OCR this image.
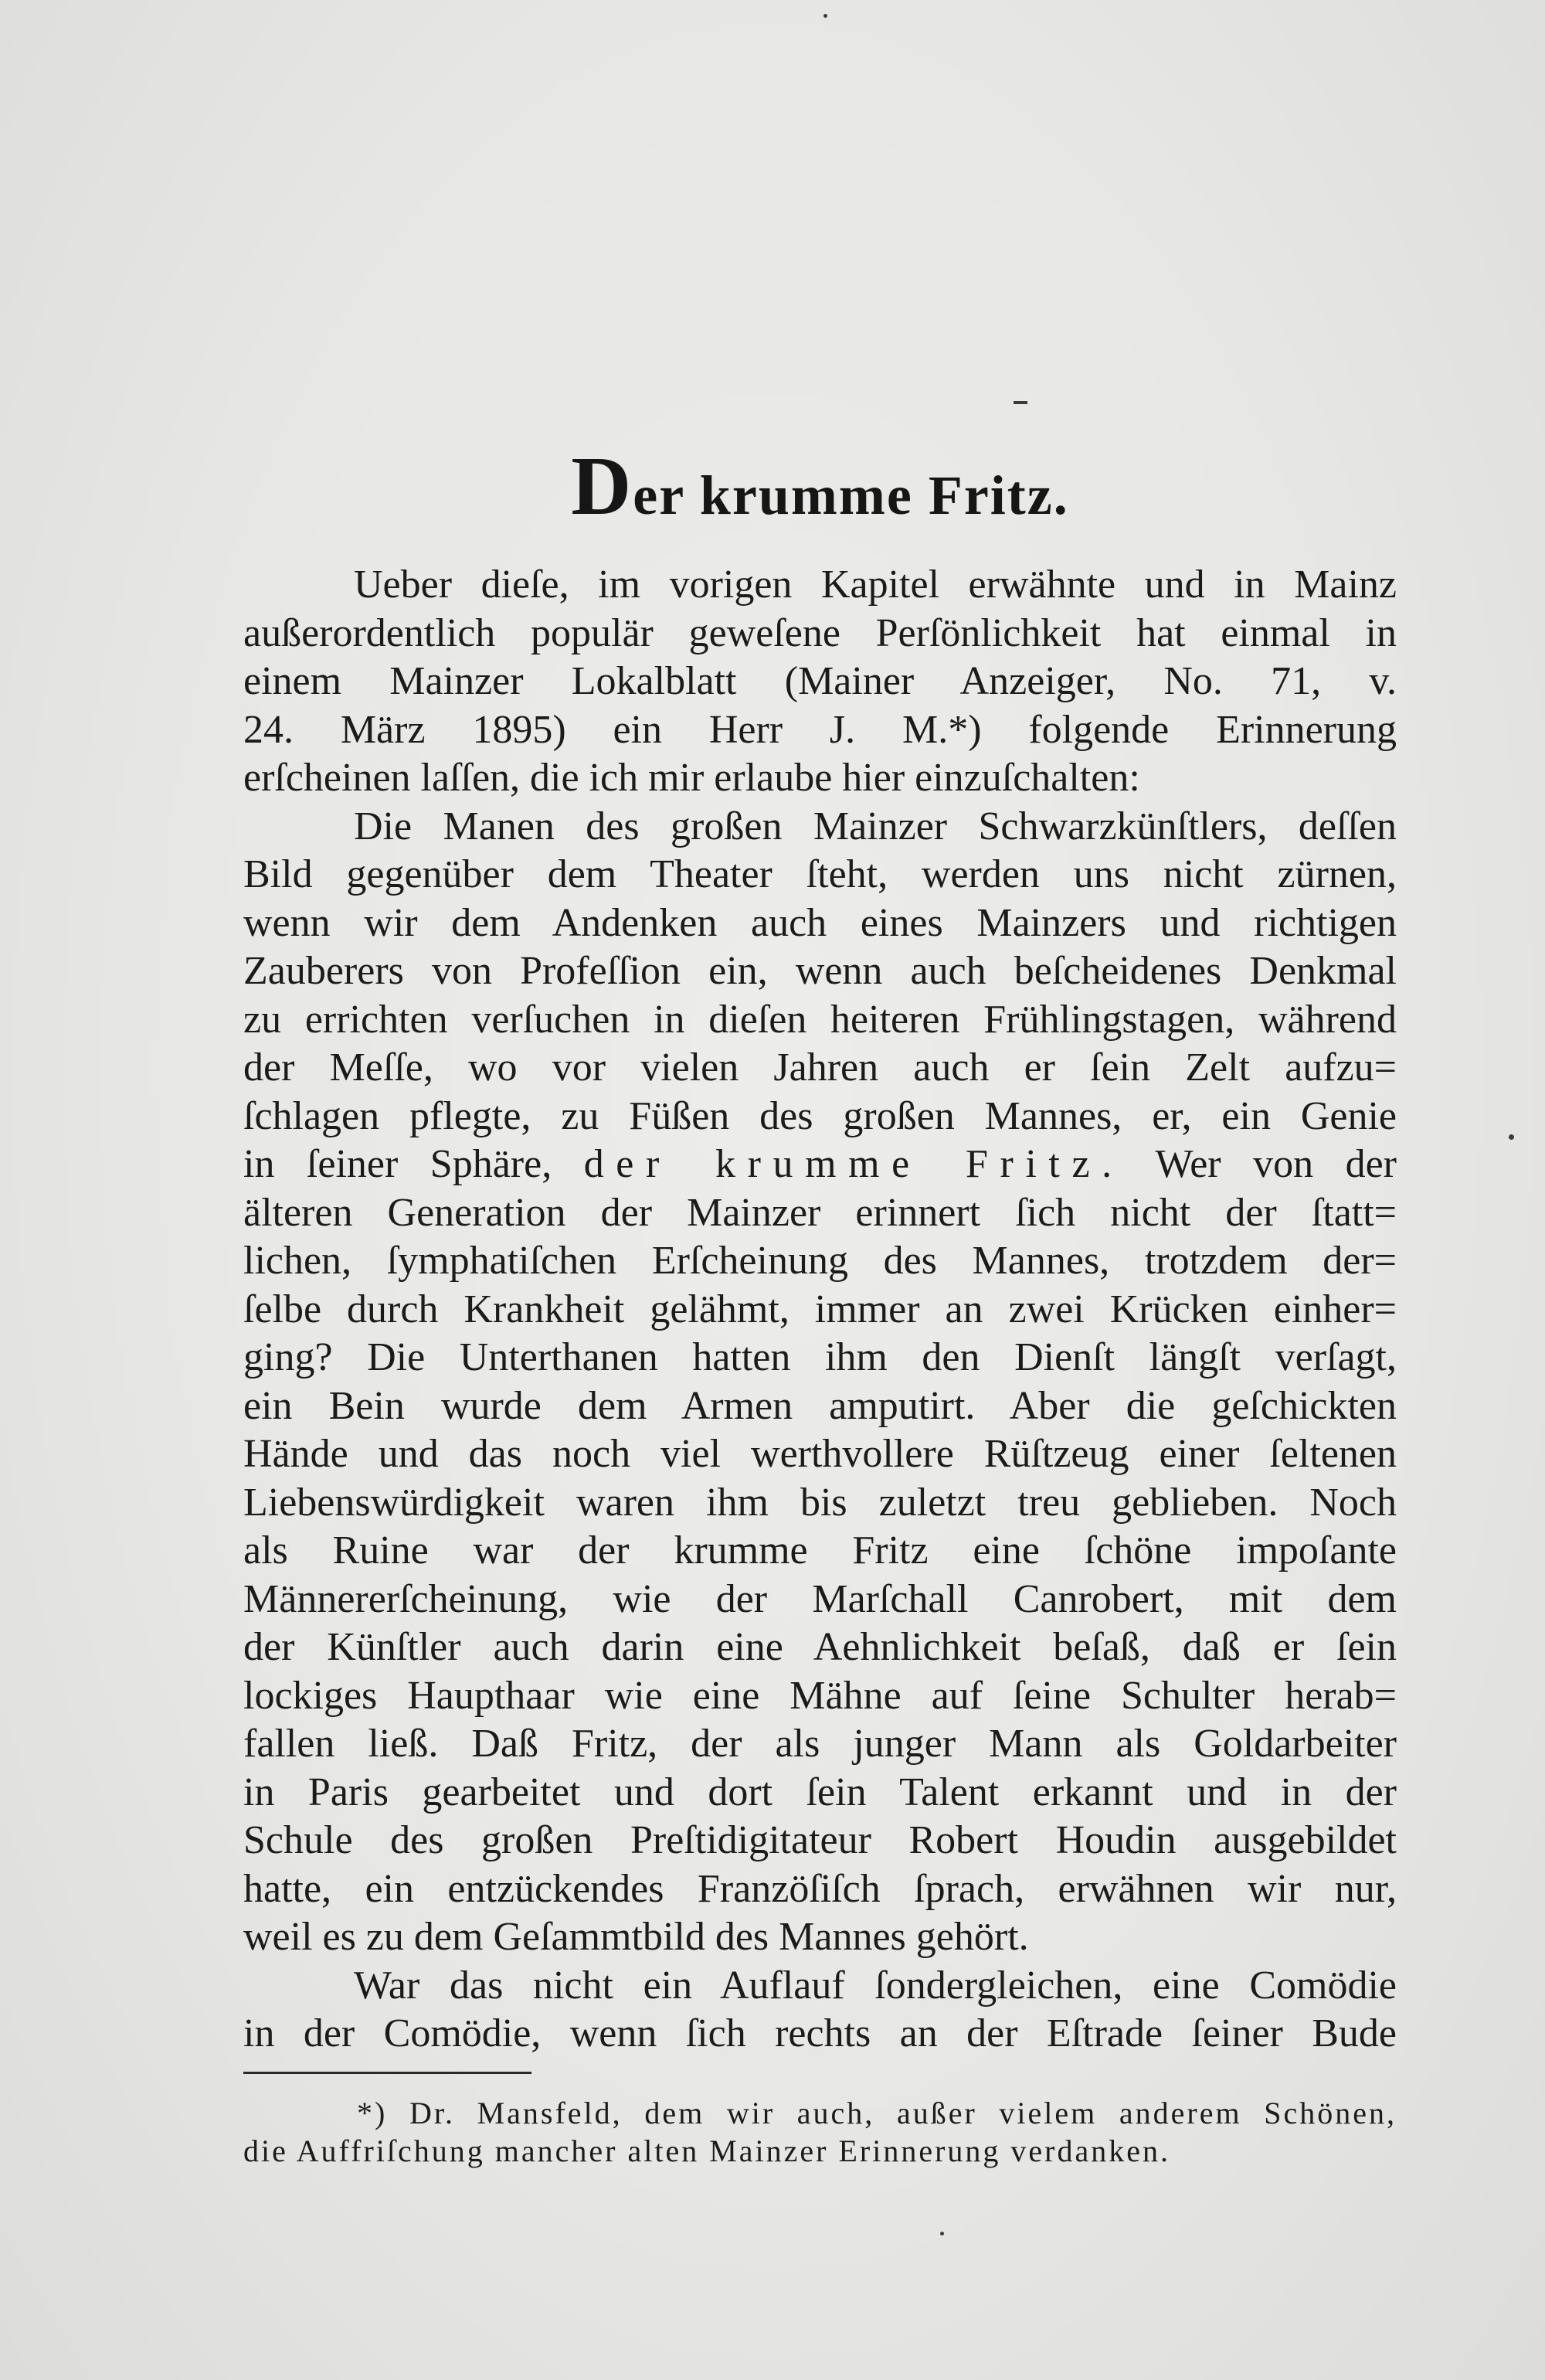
Der krumme Fritz.
Ueber dieſe, im vorigen Kapitel erwähnte und in Mainz
außerordentlich populär geweſene Perſönlichkeit hat einmal in
einem Mainzer Lokalblatt (Mainer Anzeiger, No. 71, v.
24. März 1895) ein Herr J. M.*) folgende Erinnerung
erſcheinen laſſen, die ich mir erlaube hier einzuſchalten:
Die Manen des großen Mainzer Schwarzkünſtlers, deſſen
Bild gegenüber dem Theater ſteht, werden uns nicht zürnen,
wenn wir dem Andenken auch eines Mainzers und richtigen
Zauberers von Profeſſion ein, wenn auch beſcheidenes Denkmal
zu errichten verſuchen in dieſen heiteren Frühlingstagen, während
der Meſſe, wo vor vielen Jahren auch er ſein Zelt aufzu=
ſchlagen pflegte, zu Füßen des großen Mannes, er, ein Genie
in ſeiner Sphäre, der krumme Fritz. Wer von der
älteren Generation der Mainzer erinnert ſich nicht der ſtatt=
lichen, ſymphatiſchen Erſcheinung des Mannes, trotzdem der=
ſelbe durch Krankheit gelähmt, immer an zwei Krücken einher=
ging? Die Unterthanen hatten ihm den Dienſt längſt verſagt,
ein Bein wurde dem Armen amputirt. Aber die geſchickten
Hände und das noch viel werthvollere Rüſtzeug einer ſeltenen
Liebenswürdigkeit waren ihm bis zuletzt treu geblieben. Noch
als Ruine war der krumme Fritz eine ſchöne impoſante
Männererſcheinung, wie der Marſchall Canrobert, mit dem
der Künſtler auch darin eine Aehnlichkeit beſaß, daß er ſein
lockiges Haupthaar wie eine Mähne auf ſeine Schulter herab=
fallen ließ. Daß Fritz, der als junger Mann als Goldarbeiter
in Paris gearbeitet und dort ſein Talent erkannt und in der
Schule des großen Preſtidigitateur Robert Houdin ausgebildet
hatte, ein entzückendes Franzöſiſch ſprach, erwähnen wir nur,
weil es zu dem Geſammtbild des Mannes gehört.
War das nicht ein Auflauf ſondergleichen, eine Comödie
in der Comödie, wenn ſich rechts an der Eſtrade ſeiner Bude
*) Dr. Mansfeld, dem wir auch, außer vielem anderem Schönen,
die Auffriſchung mancher alten Mainzer Erinnerung verdanken.
